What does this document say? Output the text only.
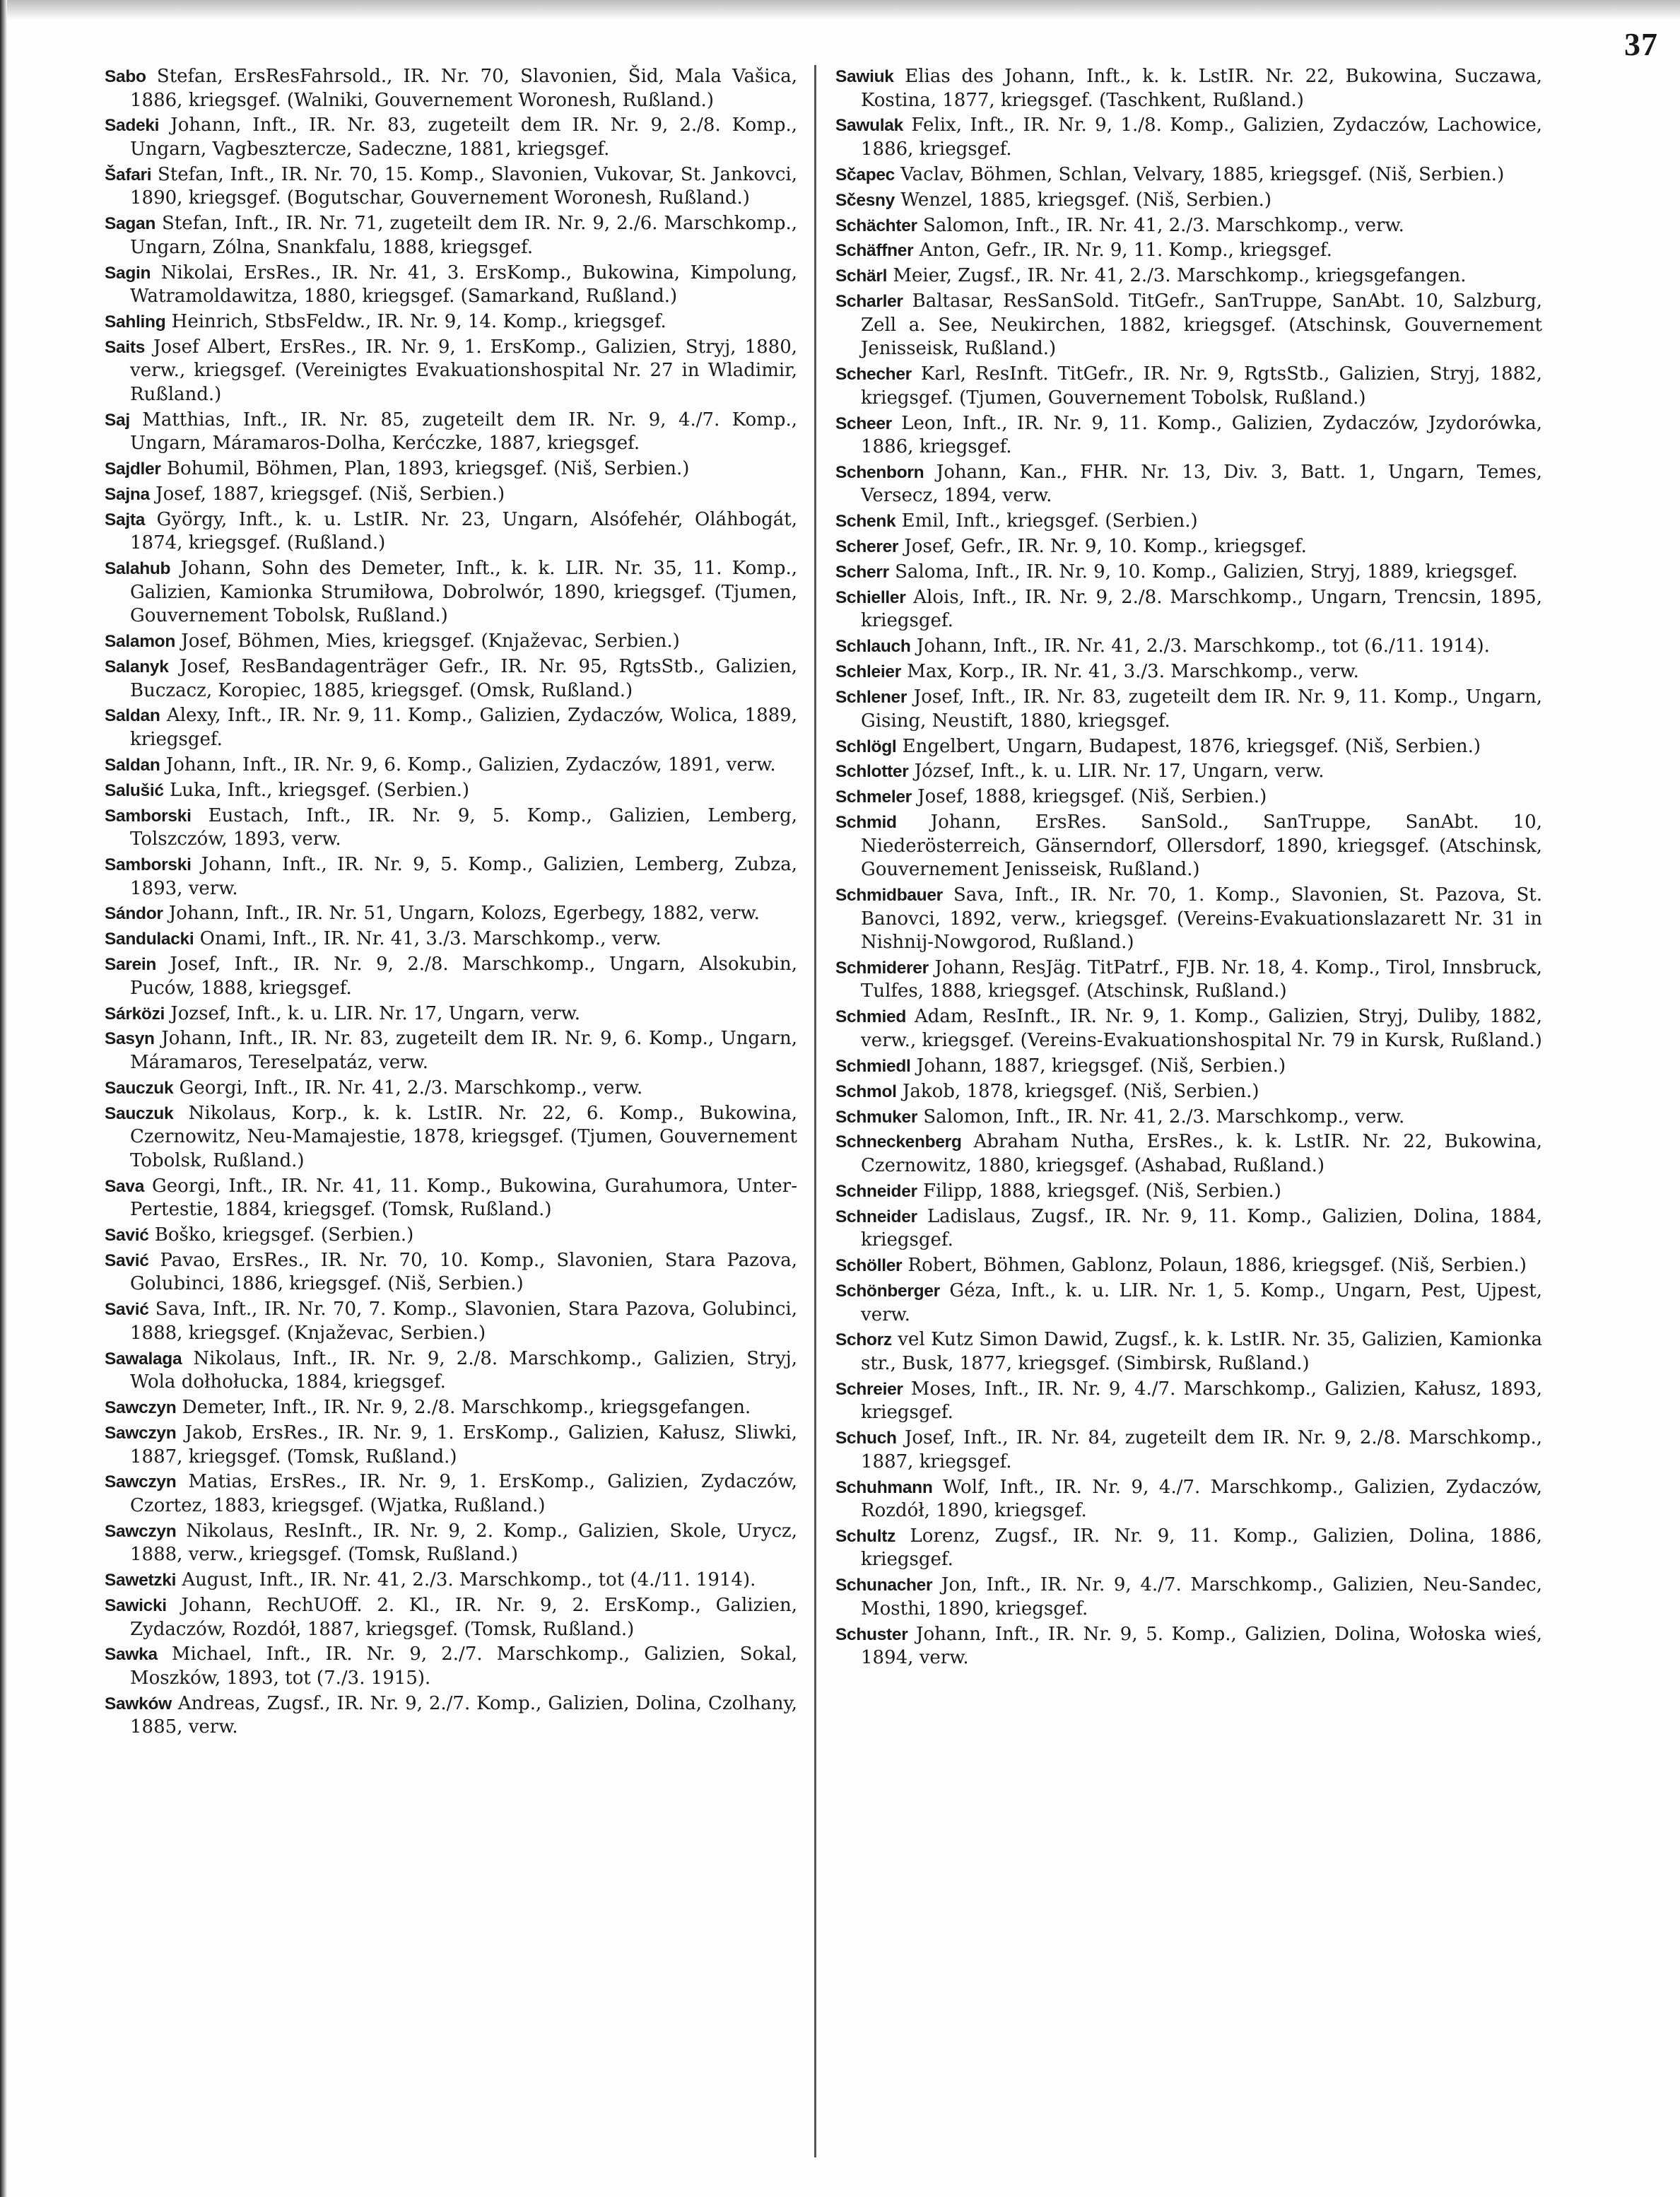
37

Sabo Stefan, ErsResFahrsold., IR. Nr. 70, Slavonien, Šid, Mala Vašica, 1886, kriegsgef. (Walniki, Gouvernement Woronesh, Rußland.)

Sadeki Johann, Inft., IR. Nr. 83, zugeteilt dem IR. Nr. 9, 2./8. Komp., Ungarn, Vagbesztercze, Sadeczne, 1881, kriegsgef.

Šafari Stefan, Inft., IR. Nr. 70, 15. Komp., Slavonien, Vukovar, St. Jankovci, 1890, kriegsgef. (Bogutschar, Gouvernement Woronesh, Rußland.)

Sagan Stefan, Inft., IR. Nr. 71, zugeteilt dem IR. Nr. 9, 2./6. Marschkomp., Ungarn, Zólna, Snankfalu, 1888, kriegsgef.

Sagin Nikolai, ErsRes., IR. Nr. 41, 3. ErsKomp., Bukowina, Kimpolung, Watramoldawitza, 1880, kriegsgef. (Samarkand, Rußland.)

Sahling Heinrich, StbsFeldw., IR. Nr. 9, 14. Komp., kriegsgef.

Saits Josef Albert, ErsRes., IR. Nr. 9, 1. ErsKomp., Galizien, Stryj, 1880, verw., kriegsgef. (Vereinigtes Evakuationshospital Nr. 27 in Wladimir, Rußland.)

Saj Matthias, Inft., IR. Nr. 85, zugeteilt dem IR. Nr. 9, 4./7. Komp., Ungarn, Máramaros-Dolha, Kerćczke, 1887, kriegsgef.

Sajdler Bohumil, Böhmen, Plan, 1893, kriegsgef. (Niš, Serbien.)

Sajna Josef, 1887, kriegsgef. (Niš, Serbien.)

Sajta György, Inft., k. u. LstIR. Nr. 23, Ungarn, Alsófehér, Oláhbogát, 1874, kriegsgef. (Rußland.)

Salahub Johann, Sohn des Demeter, Inft., k. k. LIR. Nr. 35, 11. Komp., Galizien, Kamionka Strumiłowa, Dobrolwór, 1890, kriegsgef. (Tjumen, Gouvernement Tobolsk, Rußland.)

Salamon Josef, Böhmen, Mies, kriegsgef. (Knjaževac, Serbien.)

Salanyk Josef, ResBandagenträger Gefr., IR. Nr. 95, RgtsStb., Galizien, Buczacz, Koropiec, 1885, kriegsgef. (Omsk, Rußland.)

Saldan Alexy, Inft., IR. Nr. 9, 11. Komp., Galizien, Zydaczów, Wolica, 1889, kriegsgef.

Saldan Johann, Inft., IR. Nr. 9, 6. Komp., Galizien, Zydaczów, 1891, verw.

Salušić Luka, Inft., kriegsgef. (Serbien.)

Samborski Eustach, Inft., IR. Nr. 9, 5. Komp., Galizien, Lemberg, Tolszczów, 1893, verw.

Samborski Johann, Inft., IR. Nr. 9, 5. Komp., Galizien, Lemberg, Zubza, 1893, verw.

Sándor Johann, Inft., IR. Nr. 51, Ungarn, Kolozs, Egerbegy, 1882, verw.

Sandulacki Onami, Inft., IR. Nr. 41, 3./3. Marschkomp., verw.

Sarein Josef, Inft., IR. Nr. 9, 2./8. Marschkomp., Ungarn, Alsokubin, Puców, 1888, kriegsgef.

Sárközi Jozsef, Inft., k. u. LIR. Nr. 17, Ungarn, verw.

Sasyn Johann, Inft., IR. Nr. 83, zugeteilt dem IR. Nr. 9, 6. Komp., Ungarn, Máramaros, Tereselpatáz, verw.

Sauczuk Georgi, Inft., IR. Nr. 41, 2./3. Marschkomp., verw.

Sauczuk Nikolaus, Korp., k. k. LstIR. Nr. 22, 6. Komp., Bukowina, Czernowitz, Neu-Mamajestie, 1878, kriegsgef. (Tjumen, Gouvernement Tobolsk, Rußland.)

Sava Georgi, Inft., IR. Nr. 41, 11. Komp., Bukowina, Gurahumora, Unter-Pertestie, 1884, kriegsgef. (Tomsk, Rußland.)

Savić Boško, kriegsgef. (Serbien.)

Savić Pavao, ErsRes., IR. Nr. 70, 10. Komp., Slavonien, Stara Pazova, Golubinci, 1886, kriegsgef. (Niš, Serbien.)

Savić Sava, Inft., IR. Nr. 70, 7. Komp., Slavonien, Stara Pazova, Golubinci, 1888, kriegsgef. (Knjaževac, Serbien.)

Sawalaga Nikolaus, Inft., IR. Nr. 9, 2./8. Marschkomp., Galizien, Stryj, Wola dołhołucka, 1884, kriegsgef.

Sawczyn Demeter, Inft., IR. Nr. 9, 2./8. Marschkomp., kriegsgefangen.

Sawczyn Jakob, ErsRes., IR. Nr. 9, 1. ErsKomp., Galizien, Kałusz, Sliwki, 1887, kriegsgef. (Tomsk, Rußland.)

Sawczyn Matias, ErsRes., IR. Nr. 9, 1. ErsKomp., Galizien, Zydaczów, Czortez, 1883, kriegsgef. (Wjatka, Rußland.)

Sawczyn Nikolaus, ResInft., IR. Nr. 9, 2. Komp., Galizien, Skole, Urycz, 1888, verw., kriegsgef. (Tomsk, Rußland.)

Sawetzki August, Inft., IR. Nr. 41, 2./3. Marschkomp., tot (4./11. 1914).

Sawicki Johann, RechUOff. 2. Kl., IR. Nr. 9, 2. ErsKomp., Galizien, Zydaczów, Rozdół, 1887, kriegsgef. (Tomsk, Rußland.)

Sawka Michael, Inft., IR. Nr. 9, 2./7. Marschkomp., Galizien, Sokal, Moszków, 1893, tot (7./3. 1915).

Sawków Andreas, Zugsf., IR. Nr. 9, 2./7. Komp., Galizien, Dolina, Czolhany, 1885, verw.

Sawiuk Elias des Johann, Inft., k. k. LstIR. Nr. 22, Bukowina, Suczawa, Kostina, 1877, kriegsgef. (Taschkent, Rußland.)

Sawulak Felix, Inft., IR. Nr. 9, 1./8. Komp., Galizien, Zydaczów, Lachowice, 1886, kriegsgef.

Sčapec Vaclav, Böhmen, Schlan, Velvary, 1885, kriegsgef. (Niš, Serbien.)

Sčesny Wenzel, 1885, kriegsgef. (Niš, Serbien.)

Schächter Salomon, Inft., IR. Nr. 41, 2./3. Marschkomp., verw.

Schäffner Anton, Gefr., IR. Nr. 9, 11. Komp., kriegsgef.

Schärl Meier, Zugsf., IR. Nr. 41, 2./3. Marschkomp., kriegsgefangen.

Scharler Baltasar, ResSanSold. TitGefr., SanTruppe, SanAbt. 10, Salzburg, Zell a. See, Neukirchen, 1882, kriegsgef. (Atschinsk, Gouvernement Jenisseisk, Rußland.)

Schecher Karl, ResInft. TitGefr., IR. Nr. 9, RgtsStb., Galizien, Stryj, 1882, kriegsgef. (Tjumen, Gouvernement Tobolsk, Rußland.)

Scheer Leon, Inft., IR. Nr. 9, 11. Komp., Galizien, Zydaczów, Jzydorówka, 1886, kriegsgef.

Schenborn Johann, Kan., FHR. Nr. 13, Div. 3, Batt. 1, Ungarn, Temes, Versecz, 1894, verw.

Schenk Emil, Inft., kriegsgef. (Serbien.)

Scherer Josef, Gefr., IR. Nr. 9, 10. Komp., kriegsgef.

Scherr Saloma, Inft., IR. Nr. 9, 10. Komp., Galizien, Stryj, 1889, kriegsgef.

Schieller Alois, Inft., IR. Nr. 9, 2./8. Marschkomp., Ungarn, Trencsin, 1895, kriegsgef.

Schlauch Johann, Inft., IR. Nr. 41, 2./3. Marschkomp., tot (6./11. 1914).

Schleier Max, Korp., IR. Nr. 41, 3./3. Marschkomp., verw.

Schlener Josef, Inft., IR. Nr. 83, zugeteilt dem IR. Nr. 9, 11. Komp., Ungarn, Gising, Neustift, 1880, kriegsgef.

Schlögl Engelbert, Ungarn, Budapest, 1876, kriegsgef. (Niš, Serbien.)

Schlotter József, Inft., k. u. LIR. Nr. 17, Ungarn, verw.

Schmeler Josef, 1888, kriegsgef. (Niš, Serbien.)

Schmid Johann, ErsRes. SanSold., SanTruppe, SanAbt. 10, Niederösterreich, Gänserndorf, Ollersdorf, 1890, kriegsgef. (Atschinsk, Gouvernement Jenisseisk, Rußland.)

Schmidbauer Sava, Inft., IR. Nr. 70, 1. Komp., Slavonien, St. Pazova, St. Banovci, 1892, verw., kriegsgef. (Vereins-Evakuationslazarett Nr. 31 in Nishnij-Nowgorod, Rußland.)

Schmiderer Johann, ResJäg. TitPatrf., FJB. Nr. 18, 4. Komp., Tirol, Innsbruck, Tulfes, 1888, kriegsgef. (Atschinsk, Rußland.)

Schmied Adam, ResInft., IR. Nr. 9, 1. Komp., Galizien, Stryj, Duliby, 1882, verw., kriegsgef. (Vereins-Evakuationshospital Nr. 79 in Kursk, Rußland.)

Schmiedl Johann, 1887, kriegsgef. (Niš, Serbien.)

Schmol Jakob, 1878, kriegsgef. (Niš, Serbien.)

Schmuker Salomon, Inft., IR. Nr. 41, 2./3. Marschkomp., verw.

Schneckenberg Abraham Nutha, ErsRes., k. k. LstIR. Nr. 22, Bukowina, Czernowitz, 1880, kriegsgef. (Ashabad, Rußland.)

Schneider Filipp, 1888, kriegsgef. (Niš, Serbien.)

Schneider Ladislaus, Zugsf., IR. Nr. 9, 11. Komp., Galizien, Dolina, 1884, kriegsgef.

Schöller Robert, Böhmen, Gablonz, Polaun, 1886, kriegsgef. (Niš, Serbien.)

Schönberger Géza, Inft., k. u. LIR. Nr. 1, 5. Komp., Ungarn, Pest, Ujpest, verw.

Schorz vel Kutz Simon Dawid, Zugsf., k. k. LstIR. Nr. 35, Galizien, Kamionka str., Busk, 1877, kriegsgef. (Simbirsk, Rußland.)

Schreier Moses, Inft., IR. Nr. 9, 4./7. Marschkomp., Galizien, Kałusz, 1893, kriegsgef.

Schuch Josef, Inft., IR. Nr. 84, zugeteilt dem IR. Nr. 9, 2./8. Marschkomp., 1887, kriegsgef.

Schuhmann Wolf, Inft., IR. Nr. 9, 4./7. Marschkomp., Galizien, Zydaczów, Rozdół, 1890, kriegsgef.

Schultz Lorenz, Zugsf., IR. Nr. 9, 11. Komp., Galizien, Dolina, 1886, kriegsgef.

Schunacher Jon, Inft., IR. Nr. 9, 4./7. Marschkomp., Galizien, Neu-Sandec, Mosthi, 1890, kriegsgef.

Schuster Johann, Inft., IR. Nr. 9, 5. Komp., Galizien, Dolina, Wołoska wieś, 1894, verw.
